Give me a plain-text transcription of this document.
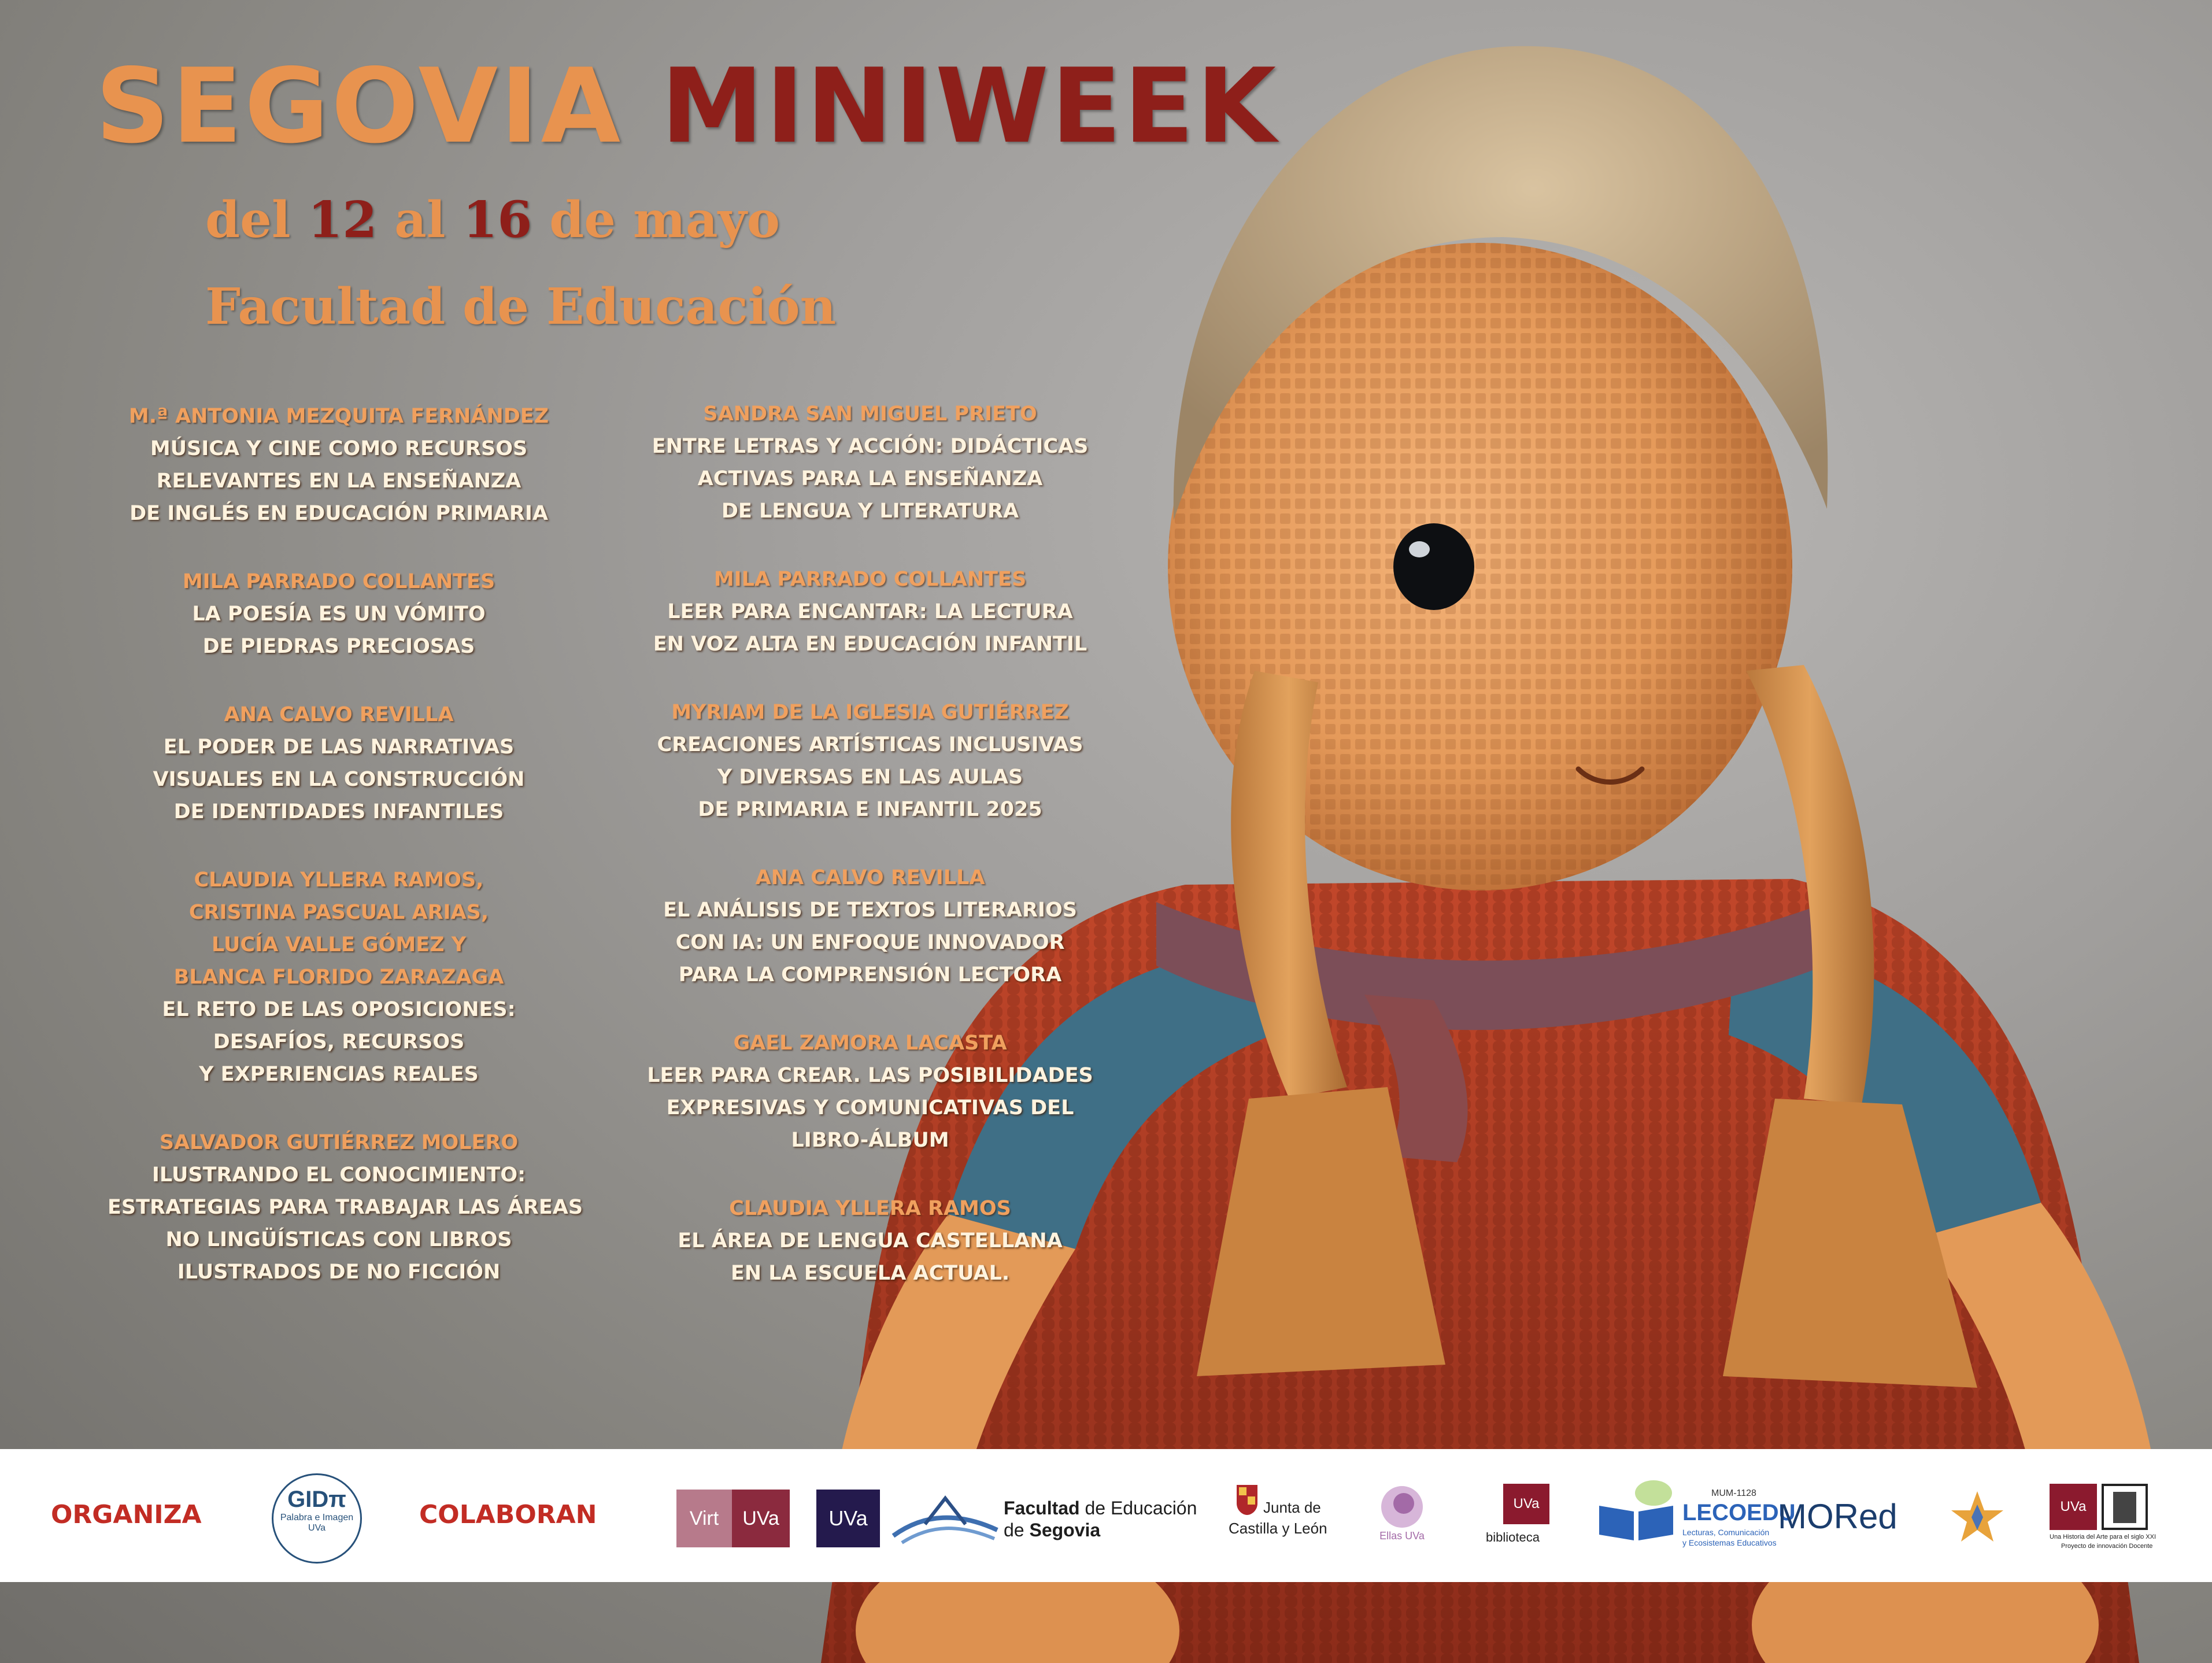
SEGOVIA MINIWEEK
del 12 al 16 de mayo
Facultad de Educación
M.ª ANTONIA MEZQUITA FERNÁNDEZ
MÚSICA Y CINE COMO RECURSOS
RELEVANTES EN LA ENSEÑANZA
DE INGLÉS EN EDUCACIÓN PRIMARIA
MILA PARRADO COLLANTES
LA POESÍA ES UN VÓMITO
DE PIEDRAS PRECIOSAS
ANA CALVO REVILLA
EL PODER DE LAS NARRATIVAS
VISUALES EN LA CONSTRUCCIÓN
DE IDENTIDADES INFANTILES
CLAUDIA YLLERA RAMOS,
CRISTINA PASCUAL ARIAS,
LUCÍA VALLE GÓMEZ Y
BLANCA FLORIDO ZARAZAGA
EL RETO DE LAS OPOSICIONES:
DESAFÍOS, RECURSOS
Y EXPERIENCIAS REALES
SALVADOR GUTIÉRREZ MOLERO
ILUSTRANDO EL CONOCIMIENTO:
ESTRATEGIAS PARA TRABAJAR LAS ÁREAS
NO LINGÜÍSTICAS CON LIBROS
ILUSTRADOS DE NO FICCIÓN
SANDRA SAN MIGUEL PRIETO
ENTRE LETRAS Y ACCIÓN: DIDÁCTICAS
ACTIVAS PARA LA ENSEÑANZA
DE LENGUA Y LITERATURA
MILA PARRADO COLLANTES
LEER PARA ENCANTAR: LA LECTURA
EN VOZ ALTA EN EDUCACIÓN INFANTIL
MYRIAM DE LA IGLESIA GUTIÉRREZ
CREACIONES ARTÍSTICAS INCLUSIVAS
Y DIVERSAS EN LAS AULAS
DE PRIMARIA E INFANTIL 2025
ANA CALVO REVILLA
EL ANÁLISIS DE TEXTOS LITERARIOS
CON IA: UN ENFOQUE INNOVADOR
PARA LA COMPRENSIÓN LECTORA
GAEL ZAMORA LACASTA
LEER PARA CREAR. LAS POSIBILIDADES
EXPRESIVAS Y COMUNICATIVAS DEL
LIBRO-ÁLBUM
CLAUDIA YLLERA RAMOS
EL ÁREA DE LENGUA CASTELLANA
EN LA ESCUELA ACTUAL.
ORGANIZA
GIDπ
Palabra e Imagen
UVa	COLABORAN	Virt	UVa	UVa	Facultad de Educación
de Segovia
Junta de
Castilla y León	Ellas UVa
UVa
biblioteca
MUM-1128
LECOEDU
Lecturas, Comunicación
y Ecosistemas Educativos
MORed	UVa
Una Historia del Arte para el siglo XXI
Proyecto de innovación Docente
